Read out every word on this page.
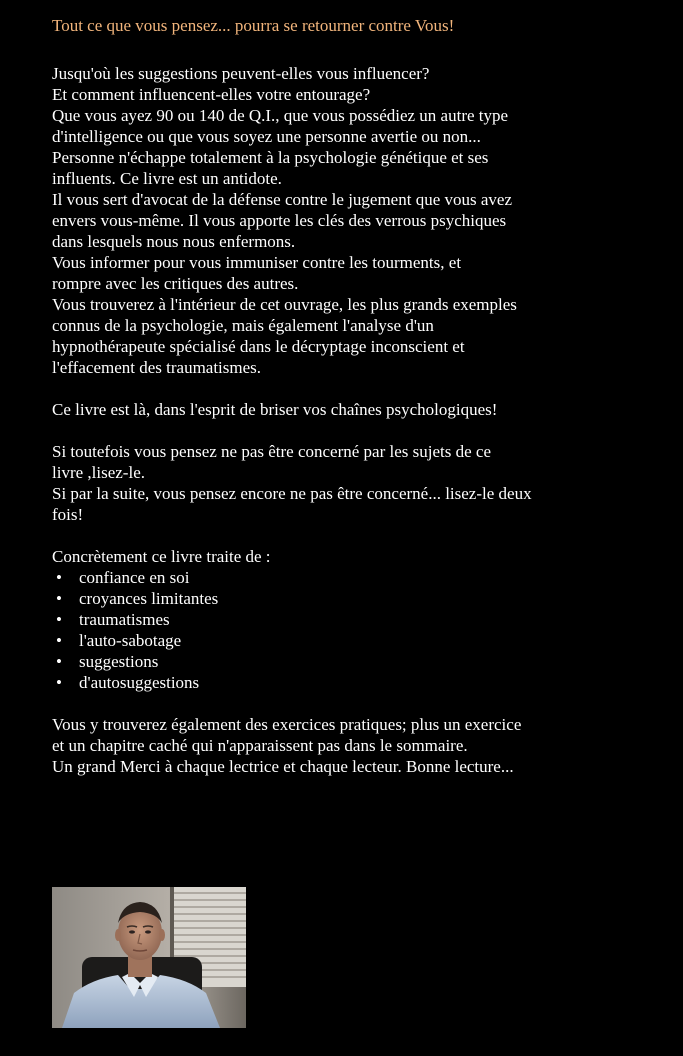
Tout ce que vous pensez... pourra se retourner contre Vous!

Jusqu'où les suggestions peuvent-elles vous influencer?
Et comment influencent-elles votre entourage?
Que vous ayez 90 ou 140 de Q.I., que vous possédiez un autre type
d'intelligence ou que vous soyez une personne avertie ou non...
Personne n'échappe totalement à la psychologie génétique et ses
influents. Ce livre est un antidote.
Il vous sert d'avocat de la défense contre le jugement que vous avez
envers vous-même. Il vous apporte les clés des verrous psychiques
dans lesquels nous nous enfermons.
Vous informer pour vous immuniser contre les tourments, et
rompre avec les critiques des autres.
Vous trouverez à l'intérieur de cet ouvrage, les plus grands exemples
connus de la psychologie, mais également l'analyse d'un
hypnothérapeute spécialisé dans le décryptage inconscient et
l'effacement des traumatismes.

Ce livre est là, dans l'esprit de briser vos chaînes psychologiques!

Si toutefois vous pensez ne pas être concerné par les sujets de ce
livre ,lisez-le.
Si par la suite, vous pensez encore ne pas être concerné... lisez-le deux
fois!

Concrètement ce livre traite de :

• confiance en soi
• croyances limitantes
• traumatismes
• l'auto-sabotage
• suggestions
• d'autosuggestions

Vous y trouverez également des exercices pratiques; plus un exercice
et un chapitre caché qui n'apparaissent pas dans le sommaire.
Un grand Merci à chaque lectrice et chaque lecteur. Bonne lecture...
